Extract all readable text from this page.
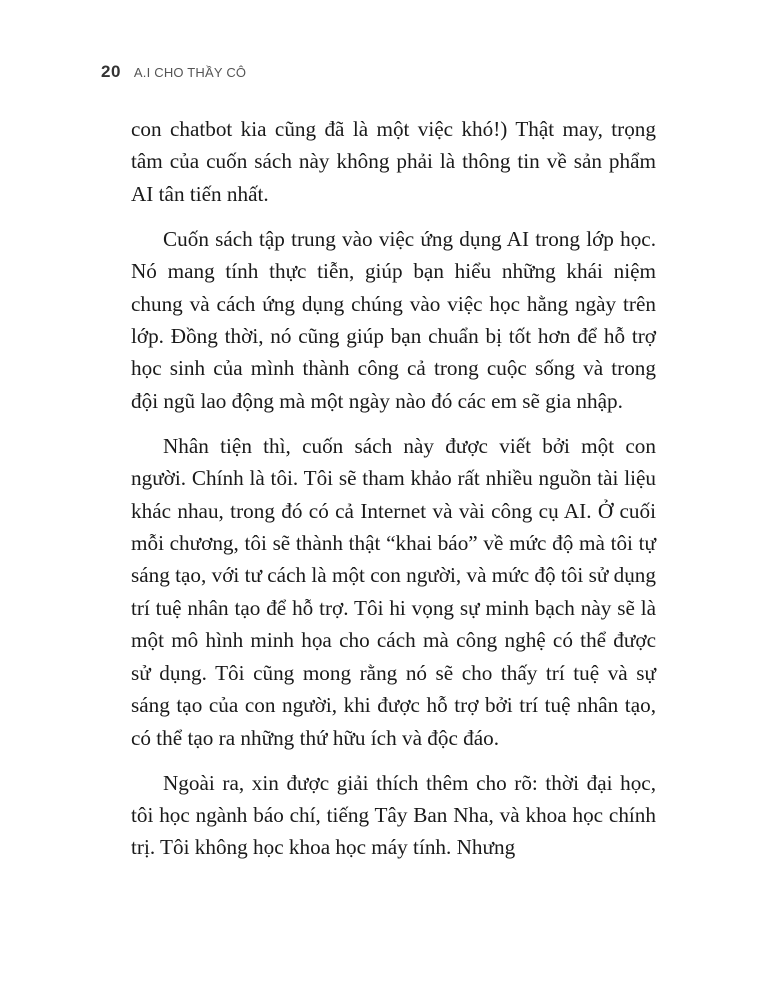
20 A.I CHO THẦY CÔ

con chatbot kia cũng đã là một việc khó!) Thật may, trọng tâm của cuốn sách này không phải là thông tin về sản phẩm AI tân tiến nhất.

Cuốn sách tập trung vào việc ứng dụng AI trong lớp học. Nó mang tính thực tiễn, giúp bạn hiểu những khái niệm chung và cách ứng dụng chúng vào việc học hằng ngày trên lớp. Đồng thời, nó cũng giúp bạn chuẩn bị tốt hơn để hỗ trợ học sinh của mình thành công cả trong cuộc sống và trong đội ngũ lao động mà một ngày nào đó các em sẽ gia nhập.

Nhân tiện thì, cuốn sách này được viết bởi một con người. Chính là tôi. Tôi sẽ tham khảo rất nhiều nguồn tài liệu khác nhau, trong đó có cả Internet và vài công cụ AI. Ở cuối mỗi chương, tôi sẽ thành thật “khai báo” về mức độ mà tôi tự sáng tạo, với tư cách là một con người, và mức độ tôi sử dụng trí tuệ nhân tạo để hỗ trợ. Tôi hi vọng sự minh bạch này sẽ là một mô hình minh họa cho cách mà công nghệ có thể được sử dụng. Tôi cũng mong rằng nó sẽ cho thấy trí tuệ và sự sáng tạo của con người, khi được hỗ trợ bởi trí tuệ nhân tạo, có thể tạo ra những thứ hữu ích và độc đáo.

Ngoài ra, xin được giải thích thêm cho rõ: thời đại học, tôi học ngành báo chí, tiếng Tây Ban Nha, và khoa học chính trị. Tôi không học khoa học máy tính. Nhưng
